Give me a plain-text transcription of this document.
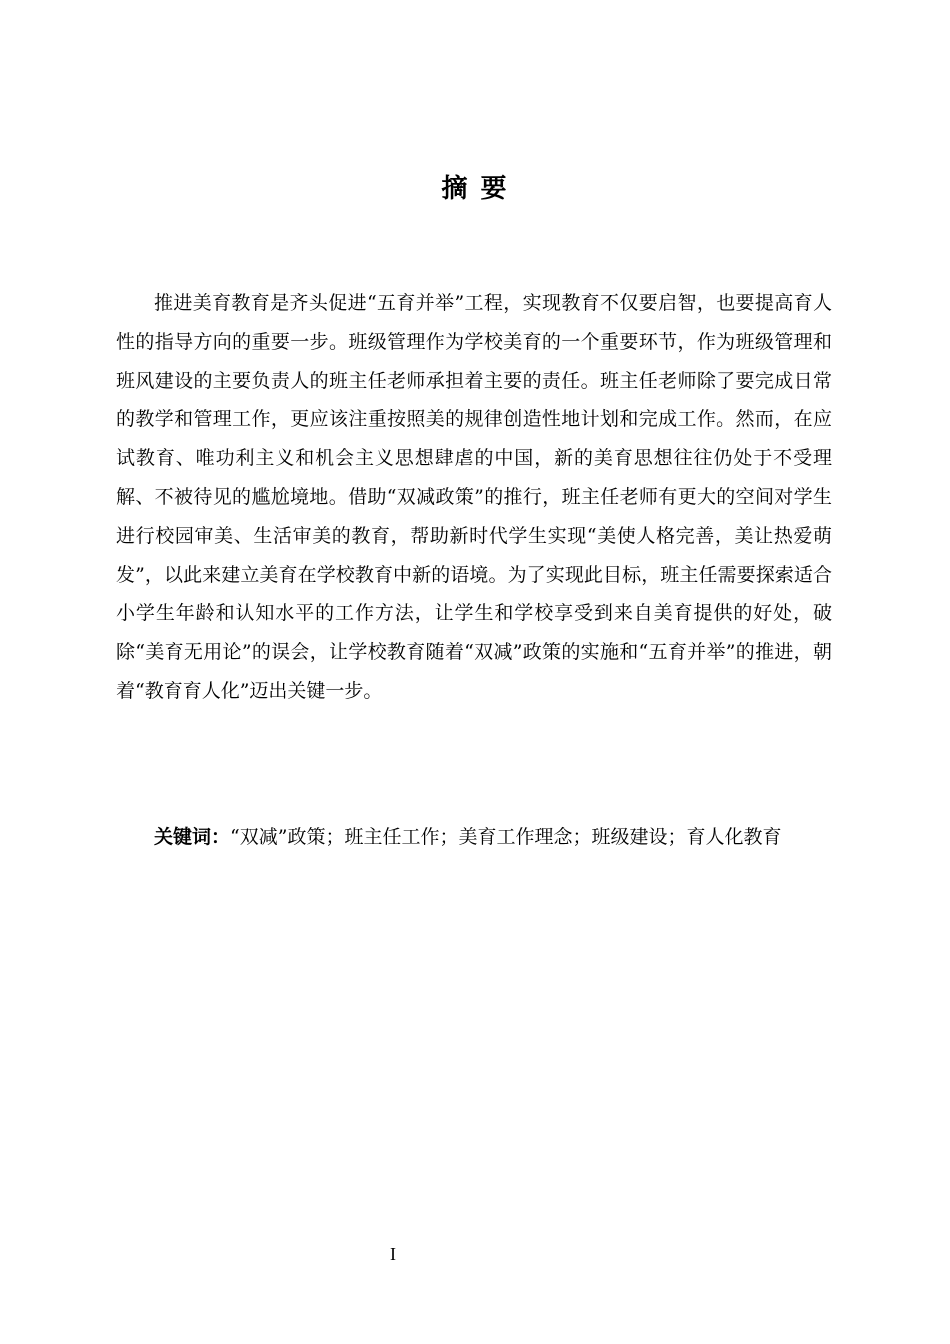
摘 要

推进美育教育是齐头促进“五育并举”工程，实现教育不仅要启智，也要提高育人性的指导方向的重要一步。班级管理作为学校美育的一个重要环节，作为班级管理和班风建设的主要负责人的班主任老师承担着主要的责任。班主任老师除了要完成日常的教学和管理工作，更应该注重按照美的规律创造性地计划和完成工作。然而，在应试教育、唯功利主义和机会主义思想肆虐的中国，新的美育思想往往仍处于不受理解、不被待见的尴尬境地。借助“双减政策”的推行，班主任老师有更大的空间对学生进行校园审美、生活审美的教育，帮助新时代学生实现“美使人格完善，美让热爱萌发”，以此来建立美育在学校教育中新的语境。为了实现此目标，班主任需要探索适合小学生年龄和认知水平的工作方法，让学生和学校享受到来自美育提供的好处，破除“美育无用论”的误会，让学校教育随着“双减”政策的实施和“五育并举”的推进，朝着“教育育人化”迈出关键一步。

关键词：“双减”政策；班主任工作；美育工作理念；班级建设；育人化教育

I
